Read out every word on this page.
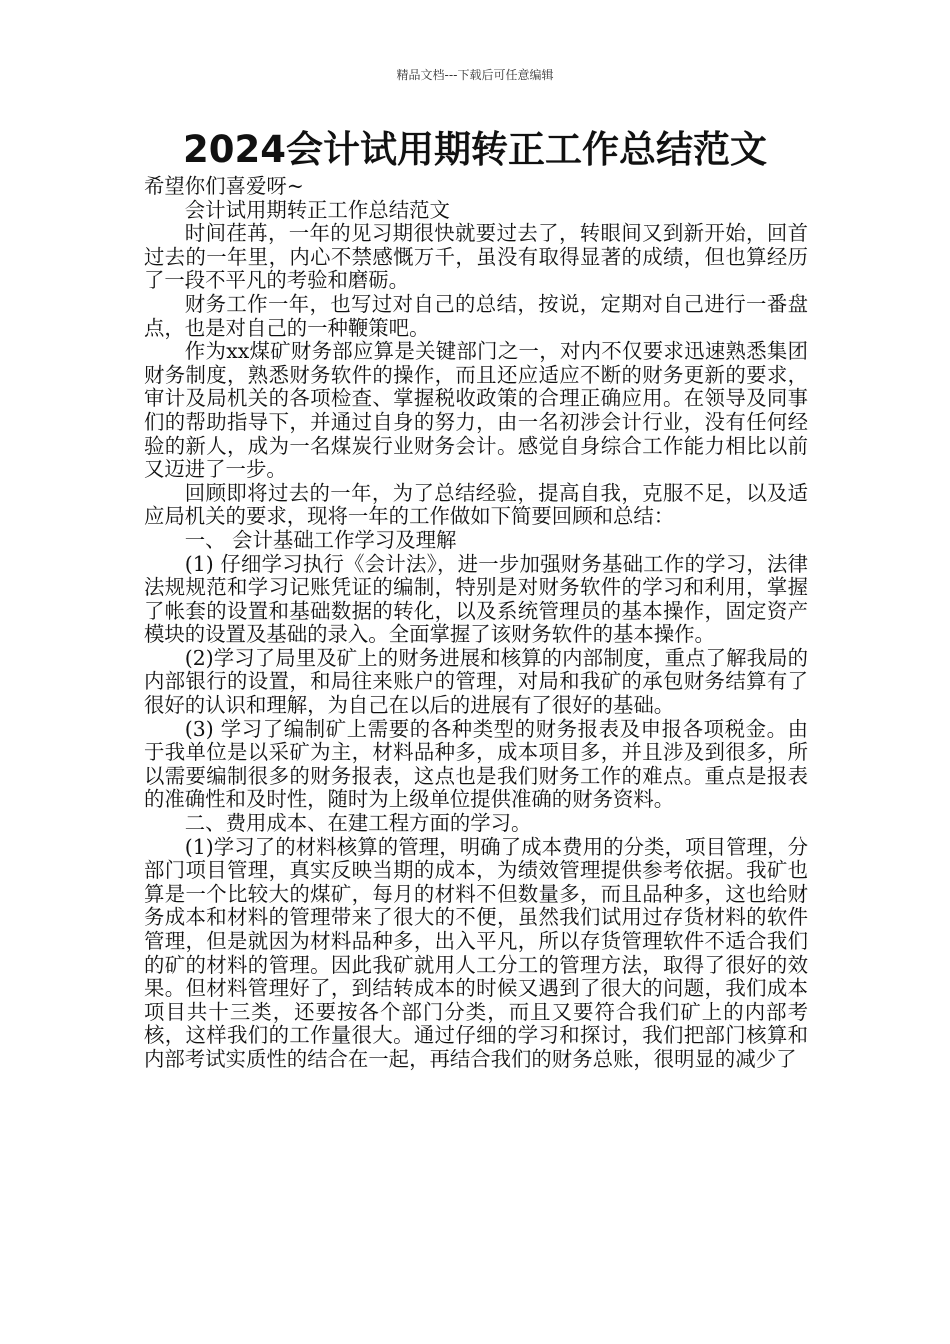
精品文档---下载后可任意编辑
2024会计试用期转正工作总结范文

希望你们喜爱呀~

会计试用期转正工作总结范文

时间荏苒，一年的见习期很快就要过去了，转眼间又到新开始，回首过去的一年里，内心不禁感慨万千，虽没有取得显著的成绩，但也算经历了一段不平凡的考验和磨砺。

财务工作一年，也写过对自己的总结，按说，定期对自己进行一番盘点，也是对自己的一种鞭策吧。

作为xx煤矿财务部应算是关键部门之一，对内不仅要求迅速熟悉集团财务制度，熟悉财务软件的操作，而且还应适应不断的财务更新的要求，审计及局机关的各项检查、掌握税收政策的合理正确应用。在领导及同事们的帮助指导下，并通过自身的努力，由一名初涉会计行业，没有任何经验的新人，成为一名煤炭行业财务会计。感觉自身综合工作能力相比以前又迈进了一步。

回顾即将过去的一年，为了总结经验，提高自我，克服不足，以及适应局机关的要求，现将一年的工作做如下简要回顾和总结：

一、 会计基础工作学习及理解

(1) 仔细学习执行《会计法》，进一步加强财务基础工作的学习，法律法规规范和学习记账凭证的编制，特别是对财务软件的学习和利用，掌握了帐套的设置和基础数据的转化，以及系统管理员的基本操作，固定资产模块的设置及基础的录入。全面掌握了该财务软件的基本操作。

(2)学习了局里及矿上的财务进展和核算的内部制度，重点了解我局的内部银行的设置，和局往来账户的管理，对局和我矿的承包财务结算有了很好的认识和理解，为自己在以后的进展有了很好的基础。

(3) 学习了编制矿上需要的各种类型的财务报表及申报各项税金。由于我单位是以采矿为主，材料品种多，成本项目多，并且涉及到很多，所以需要编制很多的财务报表，这点也是我们财务工作的难点。重点是报表的准确性和及时性，随时为上级单位提供准确的财务资料。

二、费用成本、在建工程方面的学习。

(1)学习了的材料核算的管理，明确了成本费用的分类，项目管理，分部门项目管理，真实反映当期的成本，为绩效管理提供参考依据。我矿也算是一个比较大的煤矿，每月的材料不但数量多，而且品种多，这也给财务成本和材料的管理带来了很大的不便，虽然我们试用过存货材料的软件管理，但是就因为材料品种多，出入平凡，所以存货管理软件不适合我们的矿的材料的管理。因此我矿就用人工分工的管理方法，取得了很好的效果。但材料管理好了，到结转成本的时候又遇到了很大的问题，我们成本项目共十三类，还要按各个部门分类，而且又要符合我们矿上的内部考核，这样我们的工作量很大。通过仔细的学习和探讨，我们把部门核算和内部考试实质性的结合在一起，再结合我们的财务总账，很明显的减少了
